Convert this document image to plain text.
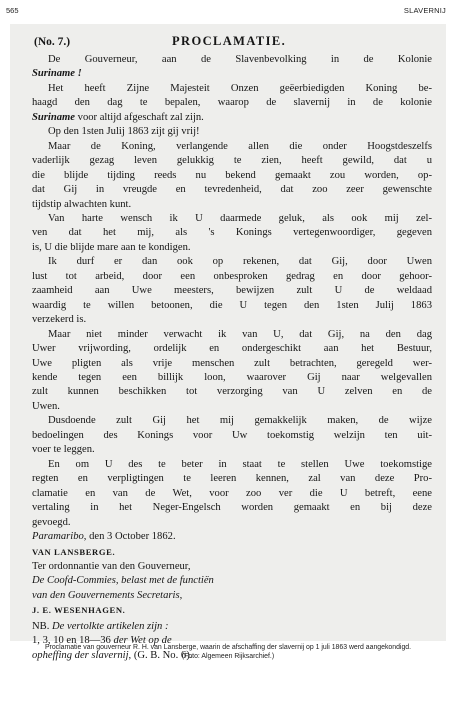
565	SLAVERNIJ
(No. 7.)	PROCLAMATIE.

De Gouverneur, aan de Slavenbevolking in de Kolonie

Suriname !

Het heeft Zijne Majesteit Onzen geëerbiedigden Koning be-

haagd den dag te bepalen, waarop de slavernij in de kolonie

Suriname voor altijd afgeschaft zal zijn.

Op den 1sten Julij 1863 zijt gij vrij!

Maar de Koning, verlangende allen die onder Hoogstdeszelfs

vaderlijk gezag leven gelukkig te zien, heeft gewild, dat u

die blijde tijding reeds nu bekend gemaakt zou worden, op-

dat Gij in vreugde en tevredenheid, dat zoo zeer gewenschte

tijdstip alwachten kunt.

Van harte wensch ik U daarmede geluk, als ook mij zel-

ven dat het mij, als 's Konings vertegenwoordiger, gegeven

is, U die blijde mare aan te kondigen.

Ik durf er dan ook op rekenen, dat Gij, door Uwen

lust tot arbeid, door een onbesproken gedrag en door gehoor-

zaamheid aan Uwe meesters, bewijzen zult U de weldaad

waardig te willen betoonen, die U tegen den 1sten Julij 1863

verzekerd is.

Maar niet minder verwacht ik van U, dat Gij, na den dag

Uwer vrijwording, ordelijk en ondergeschikt aan het Bestuur,

Uwe pligten als vrije menschen zult betrachten, geregeld wer-

kende tegen een billijk loon, waarover Gij naar welgevallen

zult kunnen beschikken tot verzorging van U zelven en de

Uwen.

Dusdoende zult Gij het mij gemakkelijk maken, de wijze

bedoelingen des Konings voor Uw toekomstig welzijn ten uit-

voer te leggen.

En om U des te beter in staat te stellen Uwe toekomstige

regten en verpligtingen te leeren kennen, zal van deze Pro-

clamatie en van de Wet, voor zoo ver die U betreft, eene

vertaling in het Neger-Engelsch worden gemaakt en bij deze

gevoegd.

Paramaribo, den 3 October 1862.

VAN LANSBERGE.

Ter ordonnantie van den Gouverneur,

De Coofd-Commies, belast met de functiën

van den Gouvernements Secretaris,

J. E. WESENHAGEN.

NB. De vertolkte artikelen zijn :

1, 3, 10 en 18—36 der Wet op de

opheffing der slavernij, (G. B. No. 6).

Proclamatie van gouverneur R. H. van Lansberge, waarin de afschaffing der slavernij op 1 juli 1863 werd aangekondigd.
(Foto: Algemeen Rijksarchief.)
